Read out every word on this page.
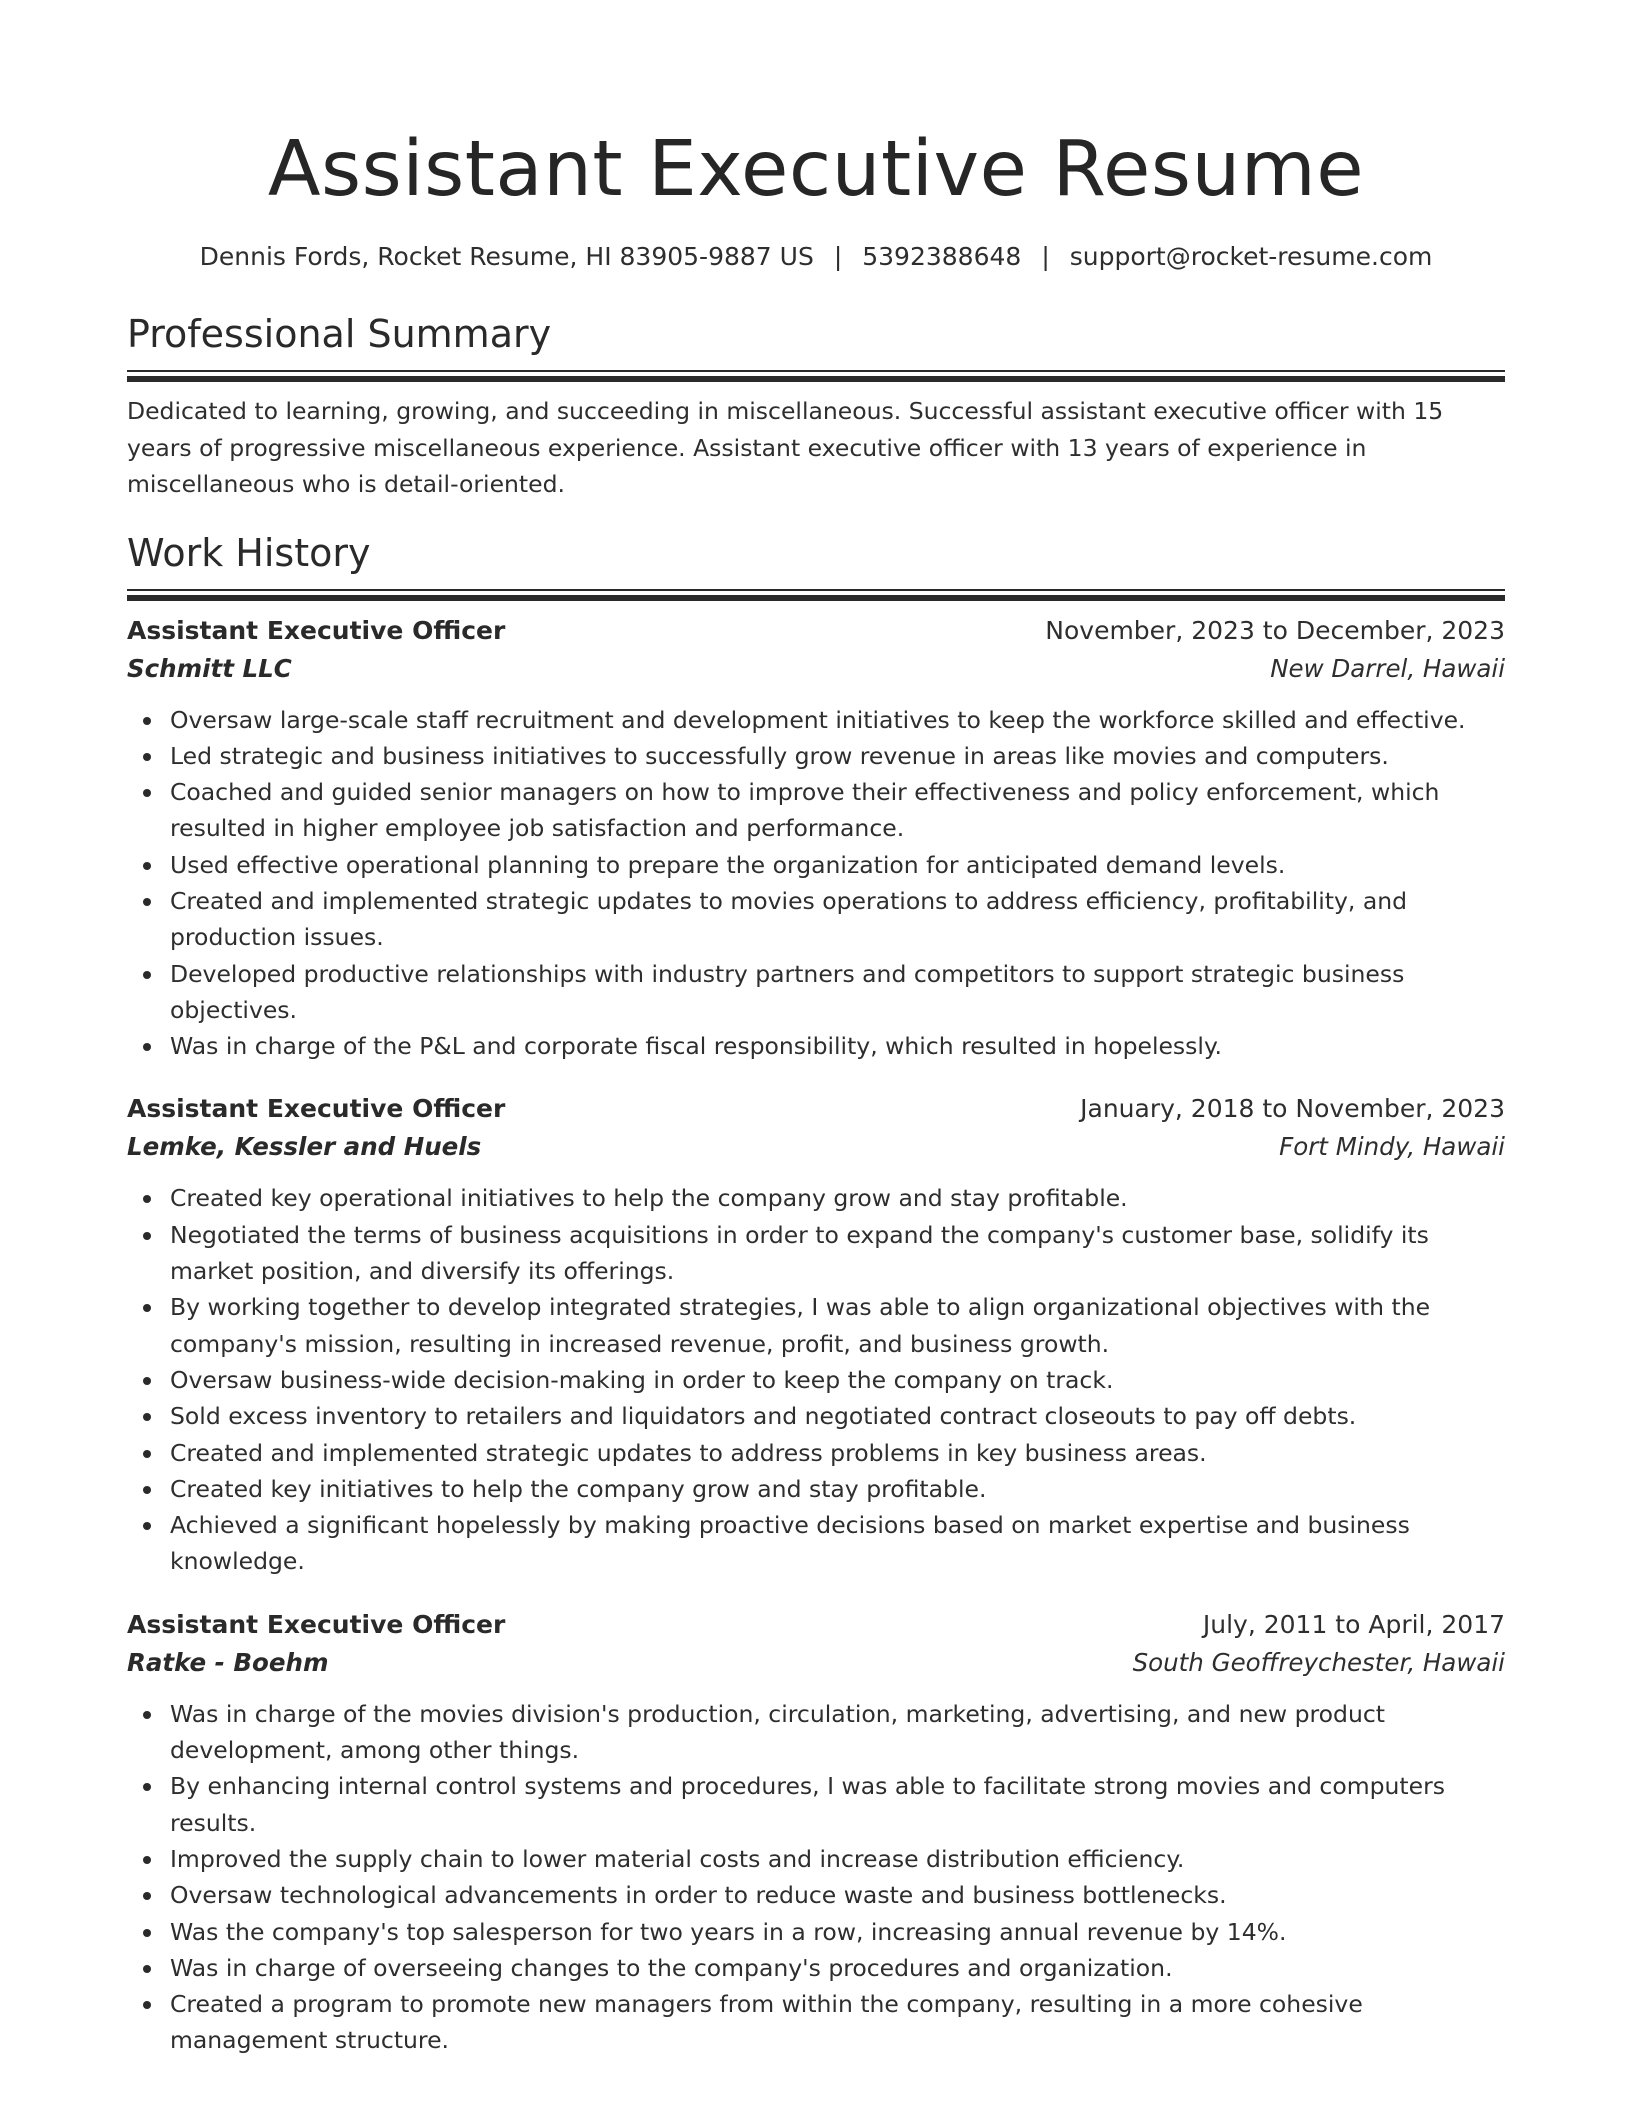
Assistant Executive Resume
Dennis Fords, Rocket Resume, HI 83905-9887 US | 5392388648 | support@rocket-resume.com
Professional Summary

Dedicated to learning, growing, and succeeding in miscellaneous. Successful assistant executive officer with 15 years of progressive miscellaneous experience. Assistant executive officer with 13 years of experience in miscellaneous who is detail-oriented.

Work History
Assistant Executive Officer	November, 2023 to December, 2023
Schmitt LLC	New Darrel, Hawaii
Oversaw large-scale staff recruitment and development initiatives to keep the workforce skilled and effective.
Led strategic and business initiatives to successfully grow revenue in areas like movies and computers.
Coached and guided senior managers on how to improve their effectiveness and policy enforcement, which resulted in higher employee job satisfaction and performance.
Used effective operational planning to prepare the organization for anticipated demand levels.
Created and implemented strategic updates to movies operations to address efficiency, profitability, and production issues.
Developed productive relationships with industry partners and competitors to support strategic business objectives.
Was in charge of the P&L and corporate fiscal responsibility, which resulted in hopelessly.
Assistant Executive Officer	January, 2018 to November, 2023
Lemke, Kessler and Huels	Fort Mindy, Hawaii
Created key operational initiatives to help the company grow and stay profitable.
Negotiated the terms of business acquisitions in order to expand the company's customer base, solidify its market position, and diversify its offerings.
By working together to develop integrated strategies, I was able to align organizational objectives with the company's mission, resulting in increased revenue, profit, and business growth.
Oversaw business-wide decision-making in order to keep the company on track.
Sold excess inventory to retailers and liquidators and negotiated contract closeouts to pay off debts.
Created and implemented strategic updates to address problems in key business areas.
Created key initiatives to help the company grow and stay profitable.
Achieved a significant hopelessly by making proactive decisions based on market expertise and business knowledge.
Assistant Executive Officer	July, 2011 to April, 2017
Ratke - Boehm	South Geoffreychester, Hawaii
Was in charge of the movies division's production, circulation, marketing, advertising, and new product development, among other things.
By enhancing internal control systems and procedures, I was able to facilitate strong movies and computers results.
Improved the supply chain to lower material costs and increase distribution efficiency.
Oversaw technological advancements in order to reduce waste and business bottlenecks.
Was the company's top salesperson for two years in a row, increasing annual revenue by 14%.
Was in charge of overseeing changes to the company's procedures and organization.
Created a program to promote new managers from within the company, resulting in a more cohesive management structure.
